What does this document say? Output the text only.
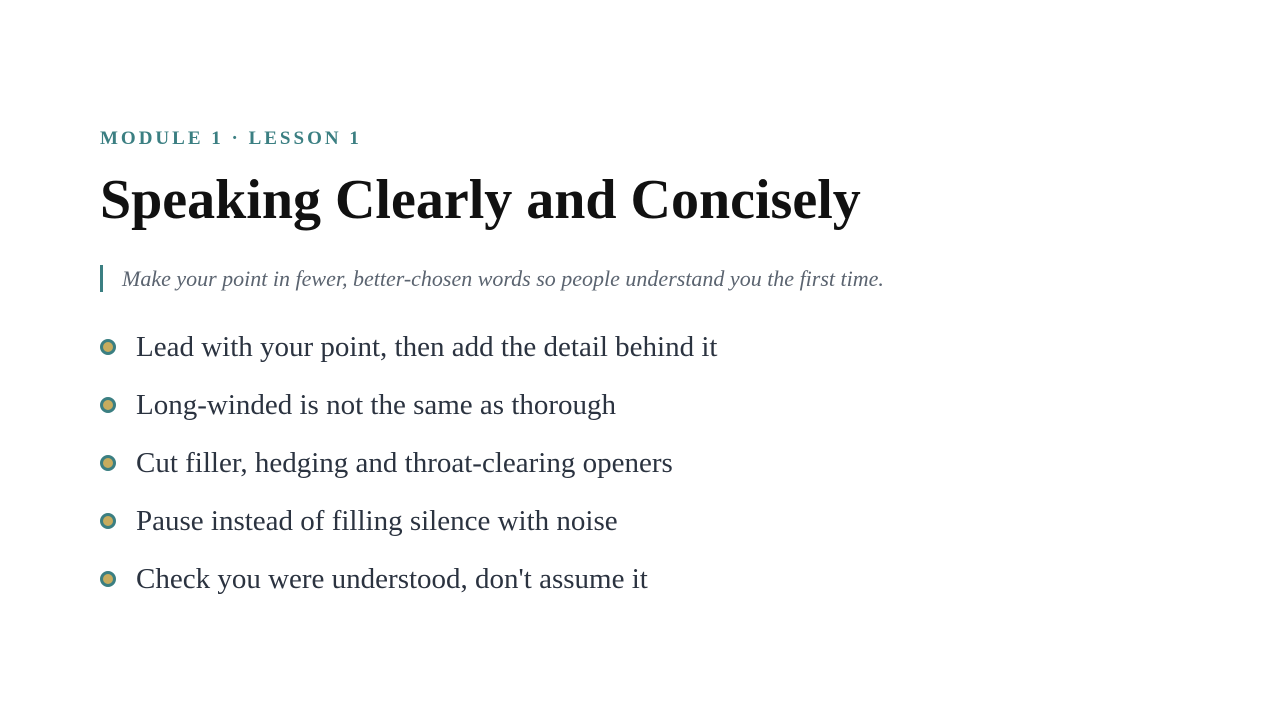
MODULE 1 · LESSON 1
Speaking Clearly and Concisely
Make your point in fewer, better-chosen words so people understand you the first time.
Lead with your point, then add the detail behind it
Long-winded is not the same as thorough
Cut filler, hedging and throat-clearing openers
Pause instead of filling silence with noise
Check you were understood, don't assume it
